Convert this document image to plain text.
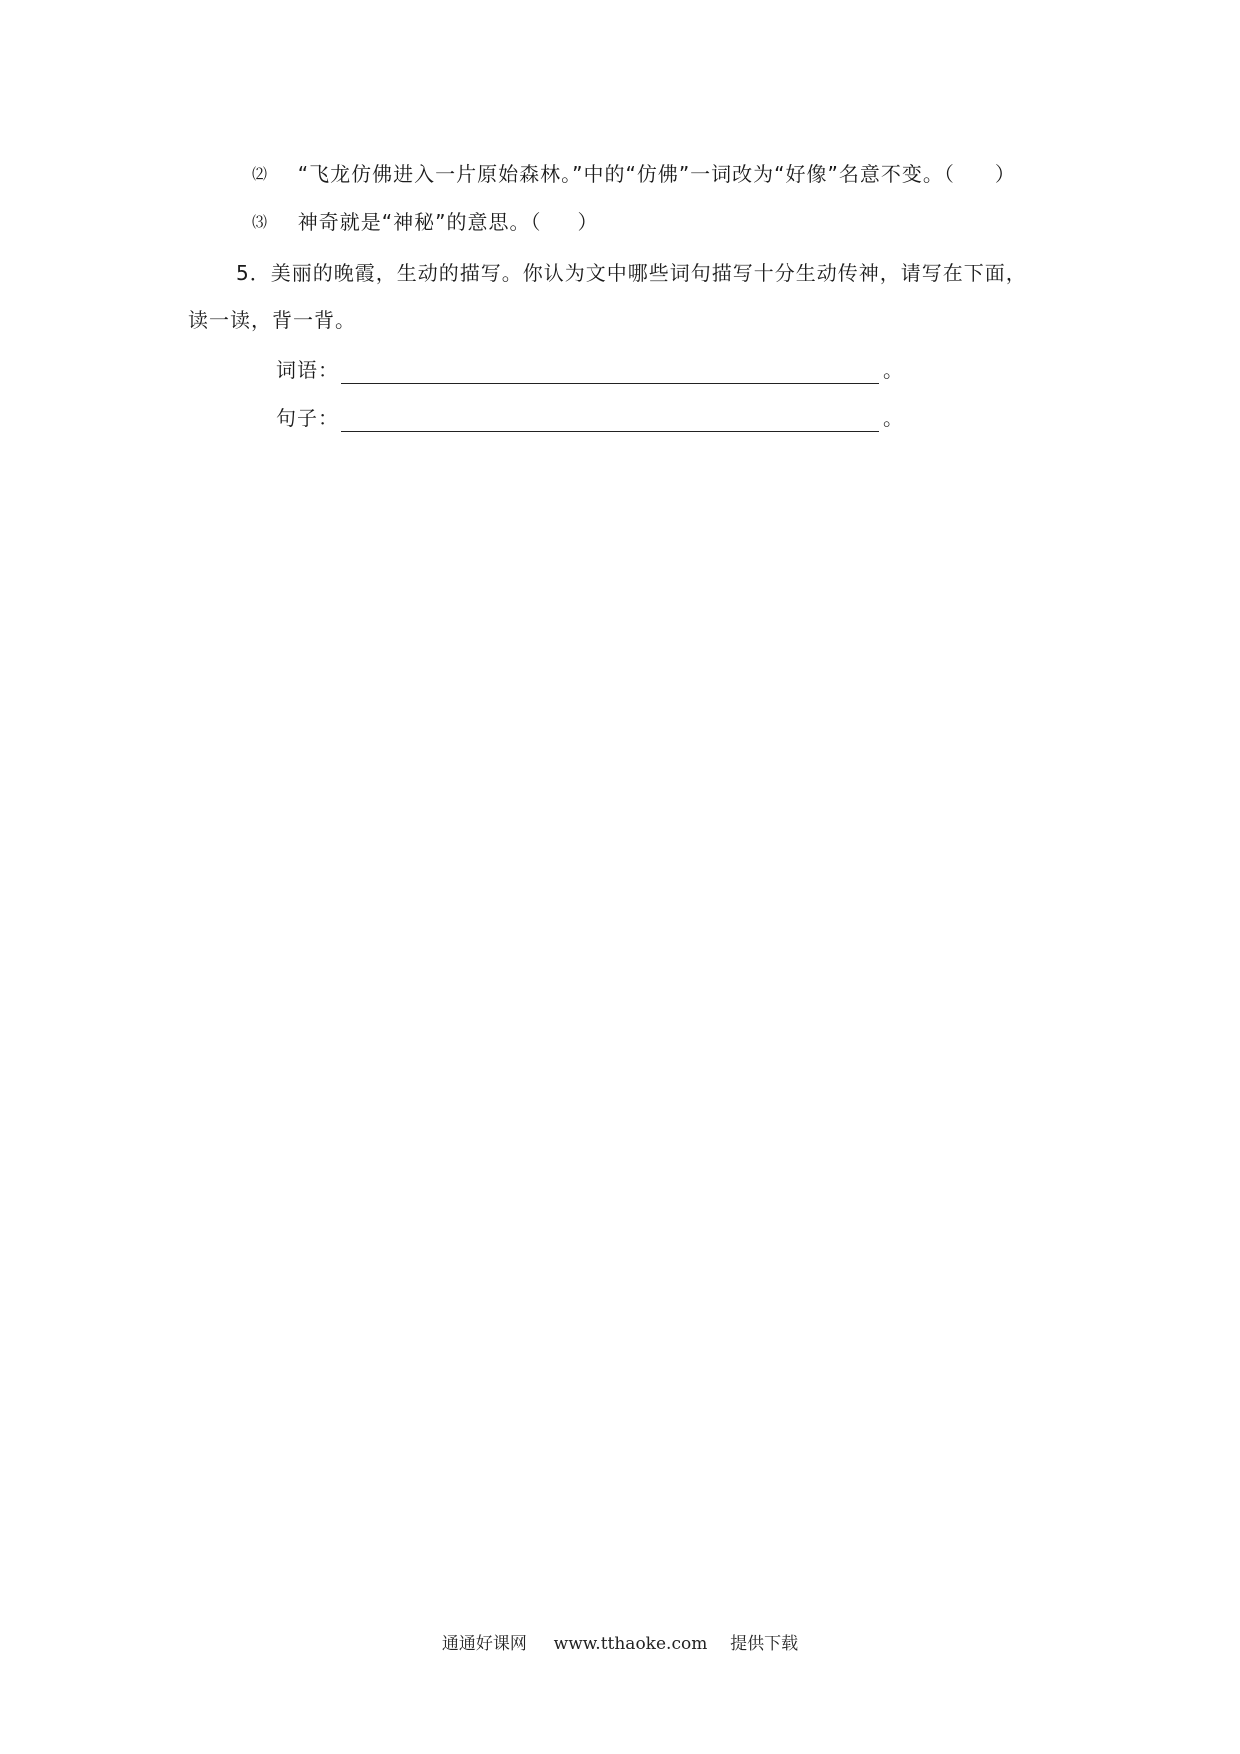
⑵ “飞龙仿佛进入一片原始森林。”中的“仿佛”一词改为“好像”名意不变。（ ）
⑶ 神奇就是“神秘”的意思。（ ）
5．美丽的晚霞，生动的描写。你认为文中哪些词句描写十分生动传神，请写在下面，
读一读，背一背。
词语：	。
句子：	。
通通好课网 www.tthaoke.com 提供下载
